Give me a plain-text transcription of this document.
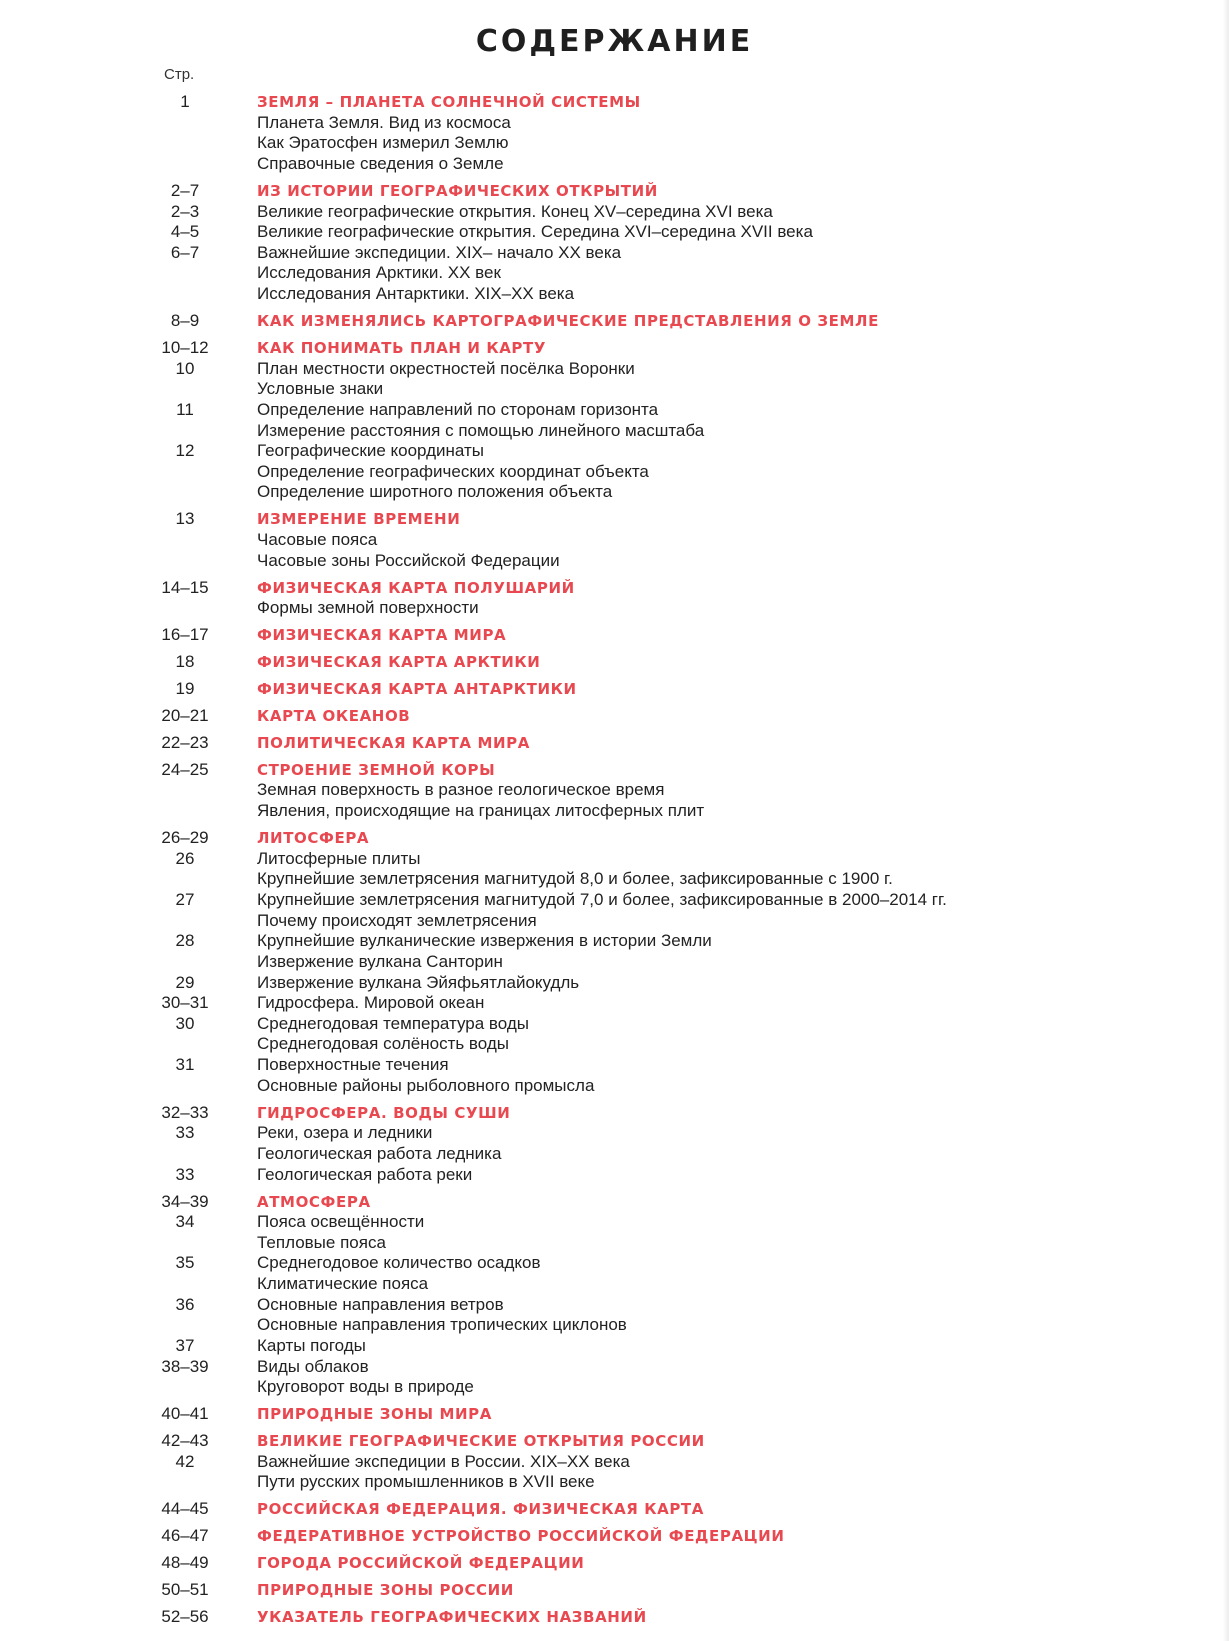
СОДЕРЖАНИЕ
Стр.
1	ЗЕМЛЯ – ПЛАНЕТА СОЛНЕЧНОЙ СИСТЕМЫ
Планета Земля. Вид из космоса
Как Эратосфен измерил Землю
Справочные сведения о Земле
2–7	ИЗ ИСТОРИИ ГЕОГРАФИЧЕСКИХ ОТКРЫТИЙ
2–3	Великие географические открытия. Конец XV–середина XVI века
4–5	Великие географические открытия. Середина XVI–середина XVII века
6–7	Важнейшие экспедиции. XIX– начало XX века
Исследования Арктики. XX век
Исследования Антарктики. XIX–XX века
8–9	КАК ИЗМЕНЯЛИСЬ КАРТОГРАФИЧЕСКИЕ ПРЕДСТАВЛЕНИЯ О ЗЕМЛЕ
10–12	КАК ПОНИМАТЬ ПЛАН И КАРТУ
10	План местности окрестностей посёлка Воронки
Условные знаки
11	Определение направлений по сторонам горизонта
Измерение расстояния с помощью линейного масштаба
12	Географические координаты
Определение географических координат объекта
Определение широтного положения объекта
13	ИЗМЕРЕНИЕ ВРЕМЕНИ
Часовые пояса
Часовые зоны Российской Федерации
14–15	ФИЗИЧЕСКАЯ КАРТА ПОЛУШАРИЙ
Формы земной поверхности
16–17	ФИЗИЧЕСКАЯ КАРТА МИРА
18	ФИЗИЧЕСКАЯ КАРТА АРКТИКИ
19	ФИЗИЧЕСКАЯ КАРТА АНТАРКТИКИ
20–21	КАРТА ОКЕАНОВ
22–23	ПОЛИТИЧЕСКАЯ КАРТА МИРА
24–25	СТРОЕНИЕ ЗЕМНОЙ КОРЫ
Земная поверхность в разное геологическое время
Явления, происходящие на границах литосферных плит
26–29	ЛИТОСФЕРА
26	Литосферные плиты
Крупнейшие землетрясения магнитудой 8,0 и более, зафиксированные с 1900 г.
27	Крупнейшие землетрясения магнитудой 7,0 и более, зафиксированные в 2000–2014 гг.
Почему происходят землетрясения
28	Крупнейшие вулканические извержения в истории Земли
Извержение вулкана Санторин
29	Извержение вулкана Эйяфьятлайокудль
30–31	Гидросфера. Мировой океан
30	Среднегодовая температура воды
Среднегодовая солёность воды
31	Поверхностные течения
Основные районы рыболовного промысла
32–33	ГИДРОСФЕРА. ВОДЫ СУШИ
33	Реки, озера и ледники
Геологическая работа ледника
33	Геологическая работа реки
34–39	АТМОСФЕРА
34	Пояса освещённости
Тепловые пояса
35	Среднегодовое количество осадков
Климатические пояса
36	Основные направления ветров
Основные направления тропических циклонов
37	Карты погоды
38–39	Виды облаков
Круговорот воды в природе
40–41	ПРИРОДНЫЕ ЗОНЫ МИРА
42–43	ВЕЛИКИЕ ГЕОГРАФИЧЕСКИЕ ОТКРЫТИЯ РОССИИ
42	Важнейшие экспедиции в России. XIX–XX века
Пути русских промышленников в XVII веке
44–45	РОССИЙСКАЯ ФЕДЕРАЦИЯ. ФИЗИЧЕСКАЯ КАРТА
46–47	ФЕДЕРАТИВНОЕ УСТРОЙСТВО РОССИЙСКОЙ ФЕДЕРАЦИИ
48–49	ГОРОДА РОССИЙСКОЙ ФЕДЕРАЦИИ
50–51	ПРИРОДНЫЕ ЗОНЫ РОССИИ
52–56	УКАЗАТЕЛЬ ГЕОГРАФИЧЕСКИХ НАЗВАНИЙ
